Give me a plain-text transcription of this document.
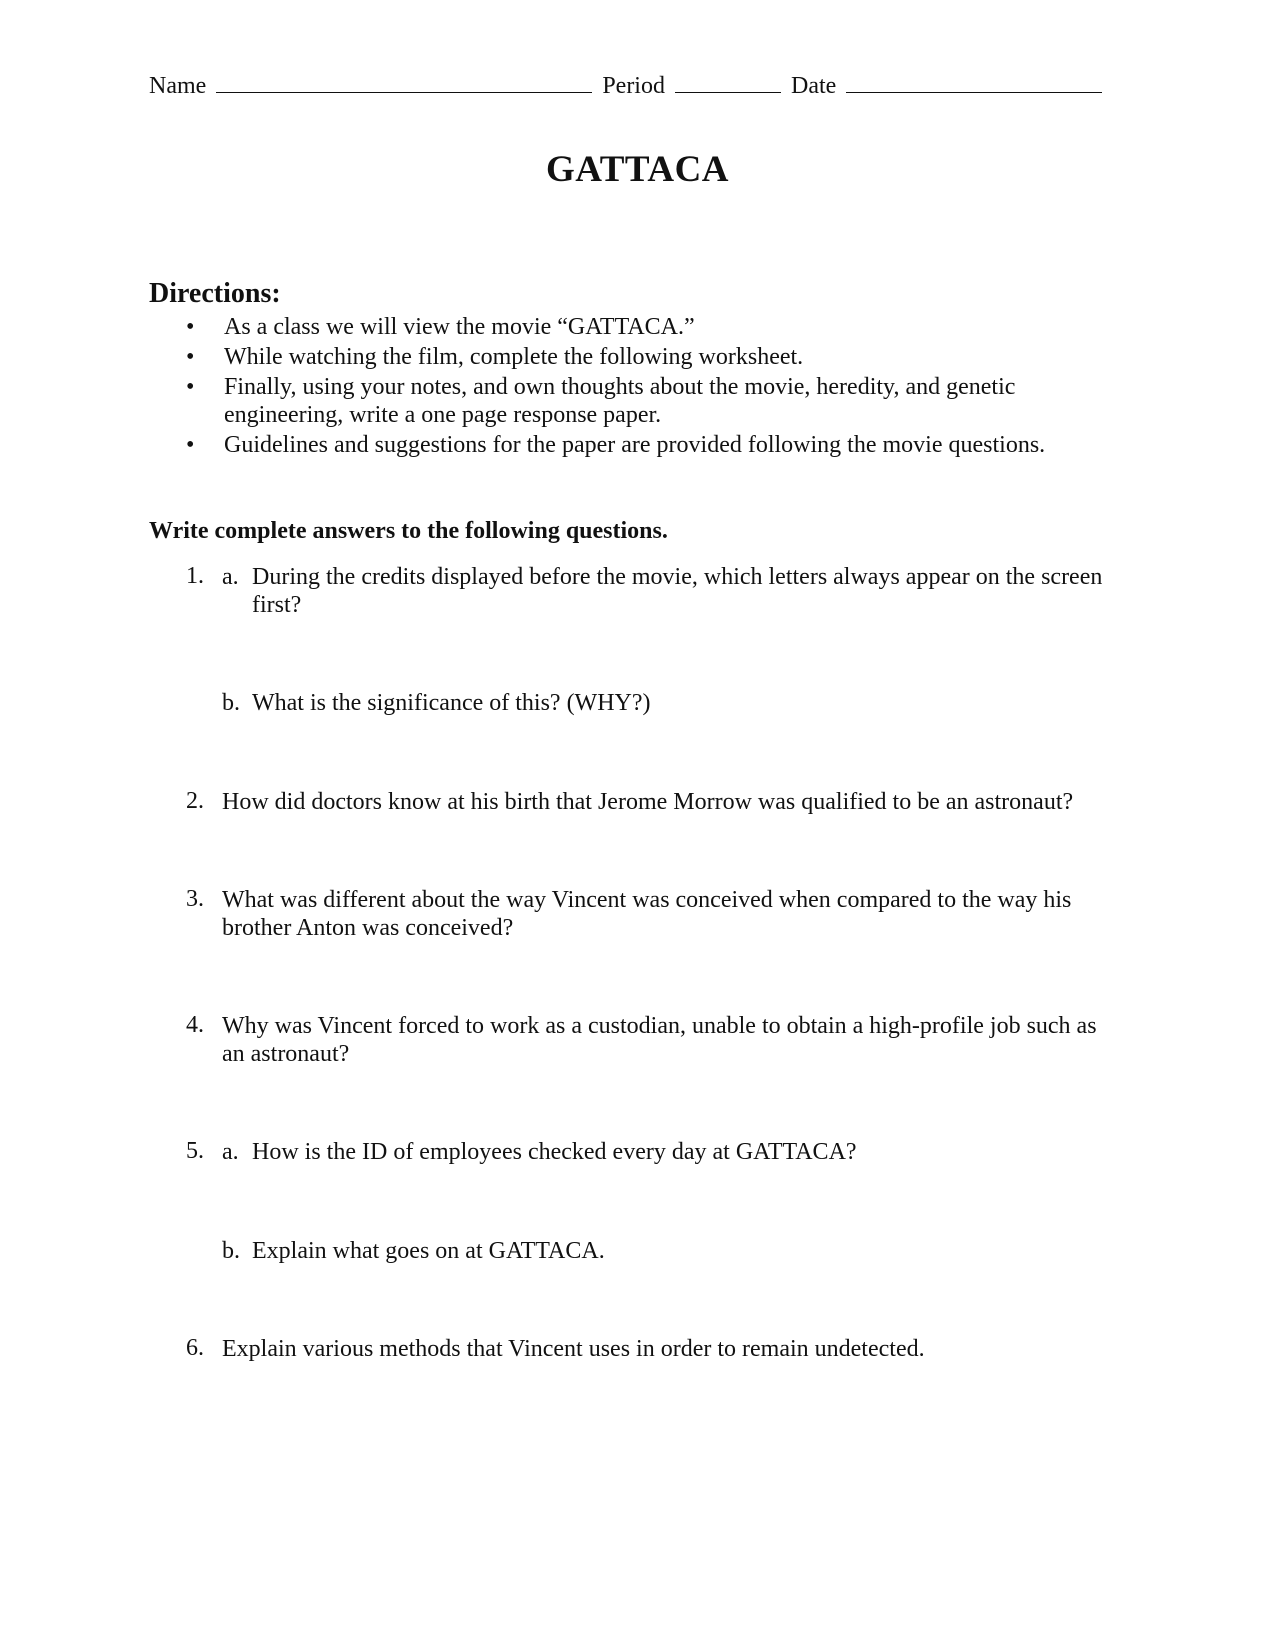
Name	Period	Date
GATTACA
Directions:
• As a class we will view the movie “GATTACA.”
• While watching the film, complete the following worksheet.
• Finally, using your notes, and own thoughts about the movie, heredity, and genetic engineering, write a one page response paper.
• Guidelines and suggestions for the paper are provided following the movie questions.
Write complete answers to the following questions.
1. a. During the credits displayed before the movie, which letters always appear on the screen first?
b. What is the significance of this? (WHY?)
2. How did doctors know at his birth that Jerome Morrow was qualified to be an astronaut?
3. What was different about the way Vincent was conceived when compared to the way his brother Anton was conceived?
4. Why was Vincent forced to work as a custodian, unable to obtain a high-profile job such as an astronaut?
5. a. How is the ID of employees checked every day at GATTACA?
b. Explain what goes on at GATTACA.
6. Explain various methods that Vincent uses in order to remain undetected.
